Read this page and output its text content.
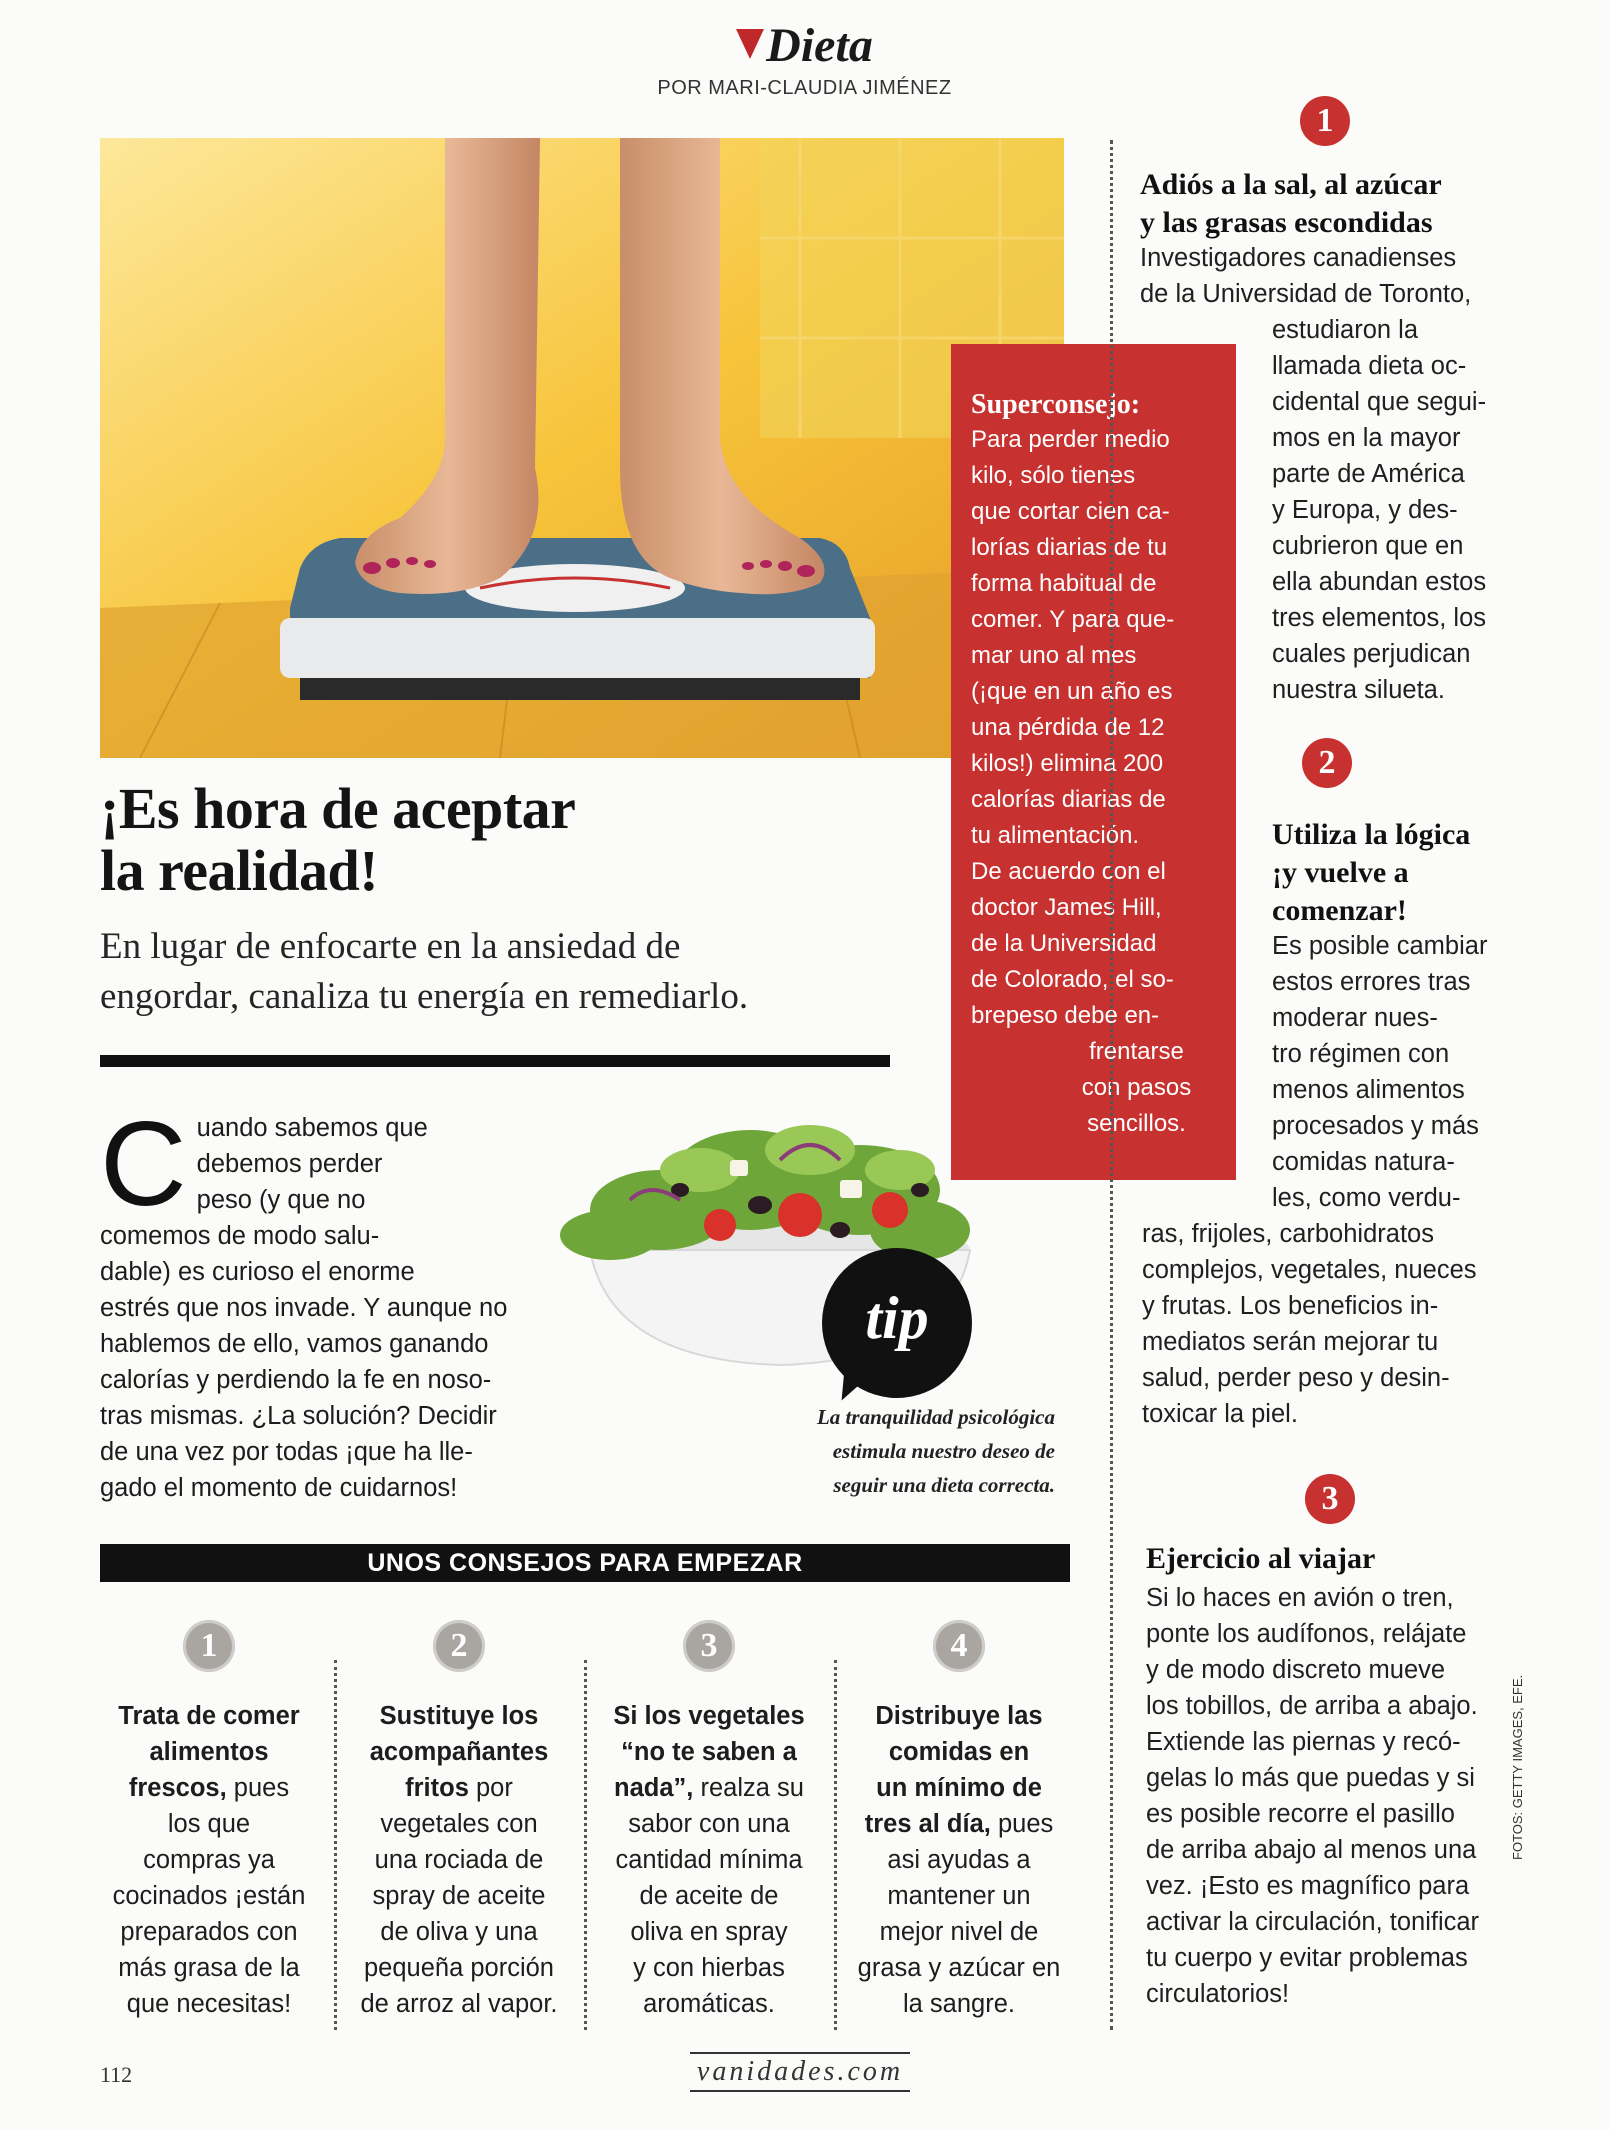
Dieta
POR MARI-CLAUDIA JIMÉNEZ
Superconsejo:
Para perder medio
kilo, sólo tienes
que cortar cien ca-
lorías diarias de tu
forma habitual de
comer. Y para que-
mar uno al mes
(¡que en un año es
una pérdida de 12
kilos!) elimina 200
calorías diarias de
tu alimentación.
De acuerdo con el
doctor James Hill,
de la Universidad
de Colorado, el so-
brepeso debe en-
frentarse
con pasos
sencillos.
¡Es hora de aceptar
la realidad!
En lugar de enfocarte en la ansiedad de
engordar, canaliza tu energía en remediarlo.
C uando sabemos que
debemos perder
peso (y que no
comemos de modo salu-
dable) es curioso el enorme
estrés que nos invade. Y aunque no
hablemos de ello, vamos ganando
calorías y perdiendo la fe en noso-
tras mismas. ¿La solución? Decidir
de una vez por todas ¡que ha lle-
gado el momento de cuidarnos!
tip
La tranquilidad psicológica
estimula nuestro deseo de
seguir una dieta correcta.
1
Adiós a la sal, al azúcar
y las grasas escondidas
Investigadores canadienses
de la Universidad de Toronto,
estudiaron la
llamada dieta oc-
cidental que segui-
mos en la mayor
parte de América
y Europa, y des-
cubrieron que en
ella abundan estos
tres elementos, los
cuales perjudican
nuestra silueta.
2
Utiliza la lógica
¡y vuelve a
comenzar!
Es posible cambiar
estos errores tras
moderar nues-
tro régimen con
menos alimentos
procesados y más
comidas natura-
les, como verdu-
ras, frijoles, carbohidratos
complejos, vegetales, nueces
y frutas. Los beneficios in-
mediatos serán mejorar tu
salud, perder peso y desin-
toxicar la piel.
3
Ejercicio al viajar
Si lo haces en avión o tren,
ponte los audífonos, relájate
y de modo discreto mueve
los tobillos, de arriba a abajo.
Extiende las piernas y recó-
gelas lo más que puedas y si
es posible recorre el pasillo
de arriba abajo al menos una
vez. ¡Esto es magnífico para
activar la circulación, tonificar
tu cuerpo y evitar problemas
circulatorios!
UNOS CONSEJOS PARA EMPEZAR
1
Trata de comer
alimentos
frescos, pues
los que
compras ya
cocinados ¡están
preparados con
más grasa de la
que necesitas!
2
Sustituye los
acompañantes
fritos por
vegetales con
una rociada de
spray de aceite
de oliva y una
pequeña porción
de arroz al vapor.
3
Si los vegetales
“no te saben a
nada”, realza su
sabor con una
cantidad mínima
de aceite de
oliva en spray
y con hierbas
aromáticas.
4
Distribuye las
comidas en
un mínimo de
tres al día, pues
asi ayudas a
mantener un
mejor nivel de
grasa y azúcar en
la sangre.
112	vanidades.com
FOTOS: GETTY IMAGES, EFE.
